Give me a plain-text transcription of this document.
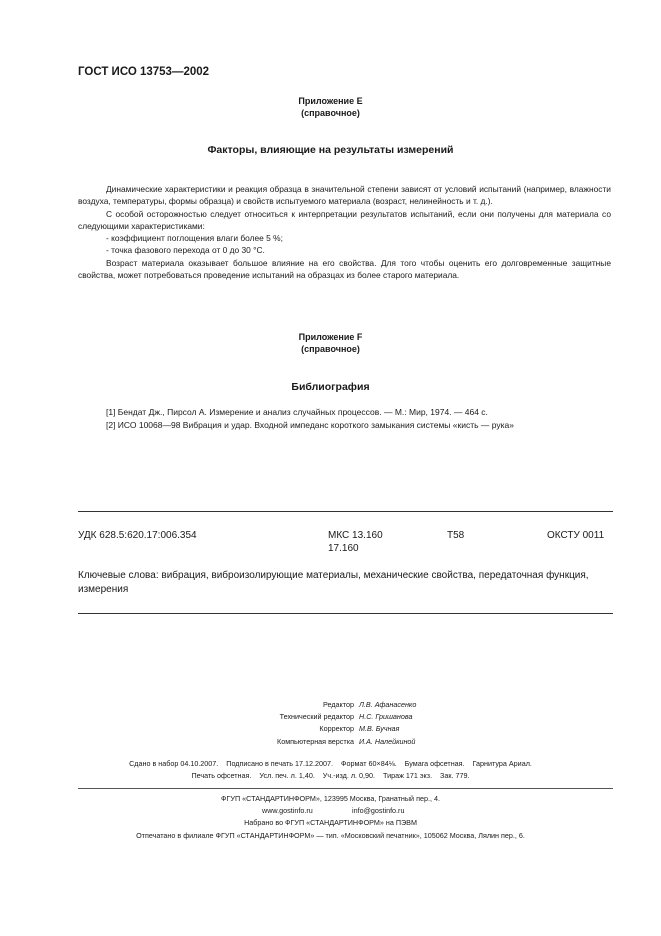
ГОСТ ИСО 13753—2002
Приложение E
(справочное)
Факторы, влияющие на результаты измерений

Динамические характеристики и реакция образца в значительной степени зависят от условий испытаний (например, влажности воздуха, температуры, формы образца) и свойств испытуемого материала (возраст, нелинейность и т. д.).

С особой осторожностью следует относиться к интерпретации результатов испытаний, если они получены для материала со следующими характеристиками:

- коэффициент поглощения влаги более 5 %;

- точка фазового перехода от 0 до 30 °С.

Возраст материала оказывает большое влияние на его свойства. Для того чтобы оценить его долговременные защитные свойства, может потребоваться проведение испытаний на образцах из более старого материала.

Приложение F
(справочное)
Библиография
[1] Бендат Дж., Пирсол А. Измерение и анализ случайных процессов. — М.: Мир, 1974. — 464 с.
[2] ИСО 10068—98 Вибрация и удар. Входной импеданс короткого замыкания системы «кисть — рука»
УДК 628.5:620.17:006.354	МКС 13.160
17.160
Т58	ОКСТУ 0011
Ключевые слова: вибрация, виброизолирующие материалы, механические свойства, передаточная функция, измерения
Редактор Л.В. Афанасенко
Технический редактор Н.С. Гришанова
Корректор М.В. Бучная
Компьютерная верстка И.А. Налейкиной
Сдано в набор 04.10.2007.    Подписано в печать 17.12.2007.    Формат 60×84⅛.    Бумага офсетная.    Гарнитура Ариал.
Печать офсетная.    Усл. печ. л. 1,40.    Уч.-изд. л. 0,90.    Тираж 171 экз.    Зак. 779.
ФГУП «СТАНДАРТИНФОРМ», 123995 Москва, Гранатный пер., 4.
www.gostinfo.ru	info@gostinfo.ru
Набрано во ФГУП «СТАНДАРТИНФОРМ» на ПЭВМ
Отпечатано в филиале ФГУП «СТАНДАРТИНФОРМ» — тип. «Московский печатник», 105062 Москва, Лялин пер., 6.
